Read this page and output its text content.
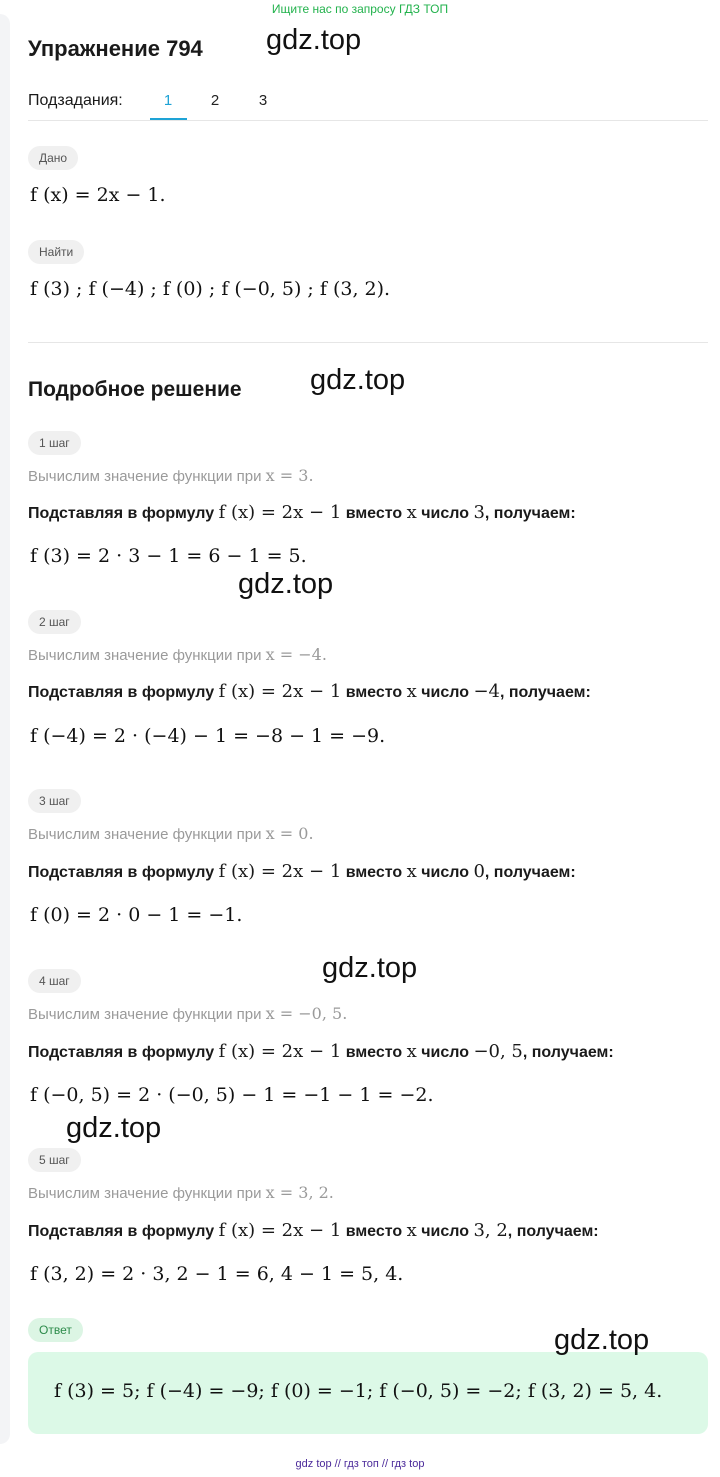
Ищите нас по запросу ГДЗ ТОП
Упражнение 794 gdz.top
Подзадания:	1	2	3
Дано
f (x) = 2x − 1.
Найти
f (3) ; f (−4) ; f (0) ; f (−0, 5) ; f (3, 2).
Подробное решение gdz.top
1 шаг
Вычислим значение функции при x = 3.
Подставляя в формулу f (x) = 2x − 1 вместо x число 3, получаем:
f (3) = 2 · 3 − 1 = 6 − 1 = 5.
gdz.top
2 шаг
Вычислим значение функции при x = −4.
Подставляя в формулу f (x) = 2x − 1 вместо x число −4, получаем:
f (−4) = 2 · (−4) − 1 = −8 − 1 = −9.
3 шаг
Вычислим значение функции при x = 0.
Подставляя в формулу f (x) = 2x − 1 вместо x число 0, получаем:
f (0) = 2 · 0 − 1 = −1.
4 шаг	gdz.top
Вычислим значение функции при x = −0, 5.
Подставляя в формулу f (x) = 2x − 1 вместо x число −0, 5, получаем:
f (−0, 5) = 2 · (−0, 5) − 1 = −1 − 1 = −2.
gdz.top
5 шаг
Вычислим значение функции при x = 3, 2.
Подставляя в формулу f (x) = 2x − 1 вместо x число 3, 2, получаем:
f (3, 2) = 2 · 3, 2 − 1 = 6, 4 − 1 = 5, 4.
Ответ
f (3) = 5; f (−4) = −9; f (0) = −1; f (−0, 5) = −2; f (3, 2) = 5, 4.
gdz.top
gdz top // гдз топ // гдз top
